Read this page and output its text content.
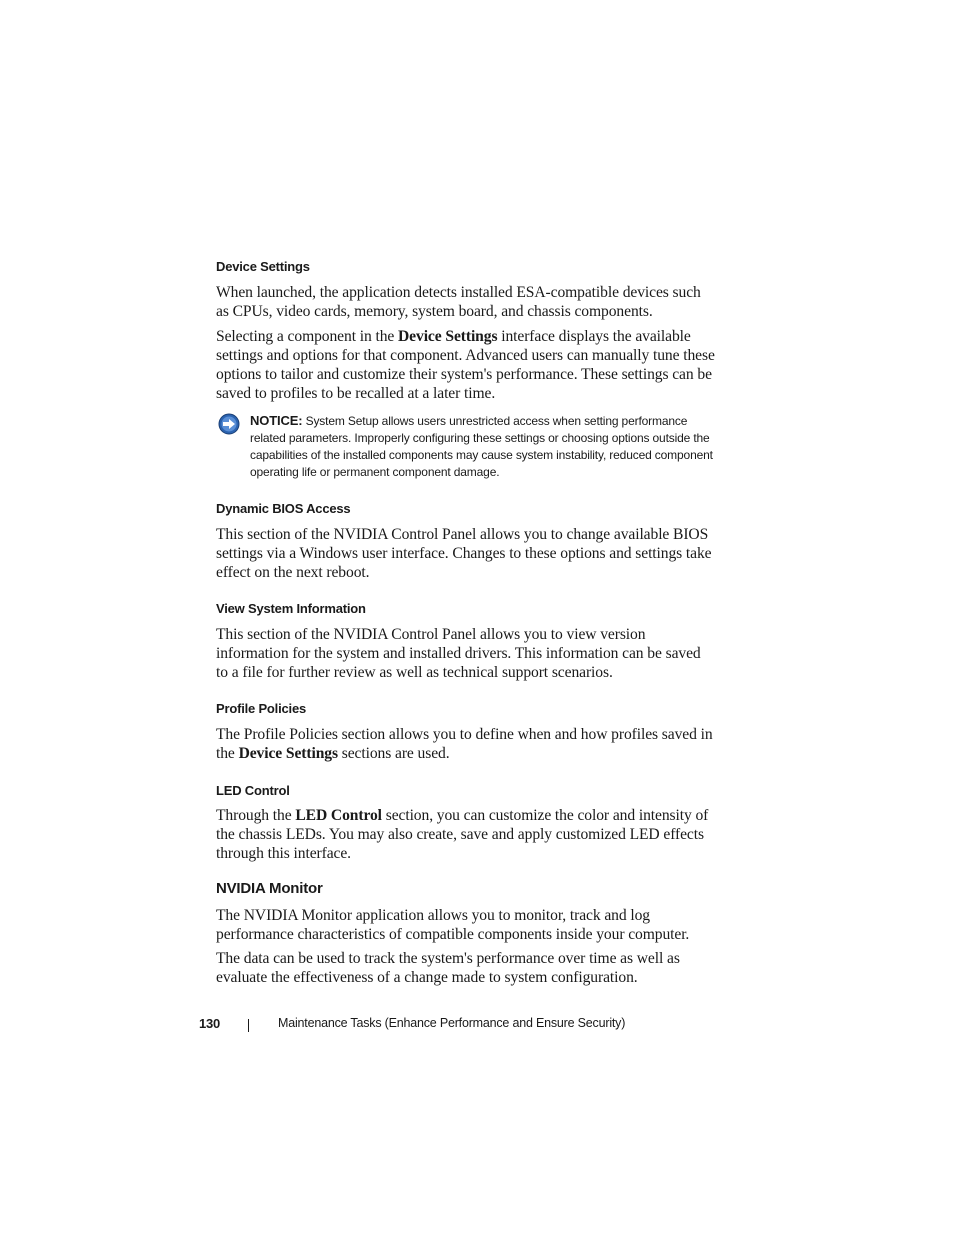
Device Settings

When launched, the application detects installed ESA-compatible devices such as CPUs, video cards, memory, system board, and chassis components.

Selecting a component in the Device Settings interface displays the available settings and options for that component. Advanced users can manually tune these options to tailor and customize their system's performance. These settings can be saved to profiles to be recalled at a later time.

NOTICE: System Setup allows users unrestricted access when setting performance related parameters. Improperly configuring these settings or choosing options outside the capabilities of the installed components may cause system instability, reduced component operating life or permanent component damage.
Dynamic BIOS Access

This section of the NVIDIA Control Panel allows you to change available BIOS settings via a Windows user interface. Changes to these options and settings take effect on the next reboot.

View System Information

This section of the NVIDIA Control Panel allows you to view version information for the system and installed drivers. This information can be saved to a file for further review as well as technical support scenarios.

Profile Policies

The Profile Policies section allows you to define when and how profiles saved in the Device Settings sections are used.

LED Control

Through the LED Control section, you can customize the color and intensity of the chassis LEDs. You may also create, save and apply customized LED effects through this interface.

NVIDIA Monitor

The NVIDIA Monitor application allows you to monitor, track and log performance characteristics of compatible components inside your computer.

The data can be used to track the system's performance over time as well as evaluate the effectiveness of a change made to system configuration.

130	Maintenance Tasks (Enhance Performance and Ensure Security)
